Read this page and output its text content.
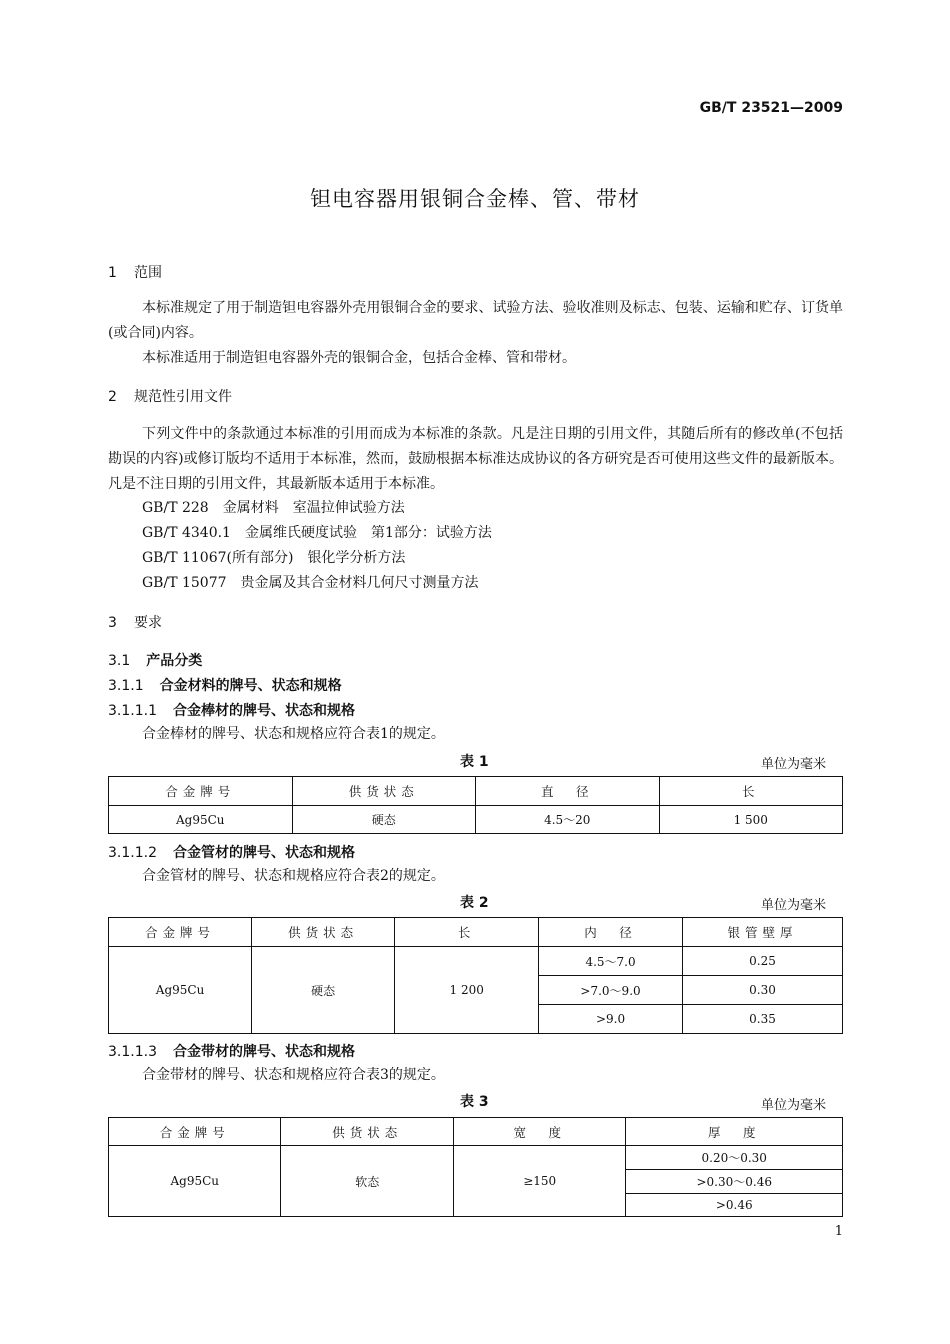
GB/T 23521—2009
钽电容器用银铜合金棒、管、带材
1 范围
本标准规定了用于制造钽电容器外壳用银铜合金的要求、试验方法、验收准则及标志、包装、运输和贮存、订货单(或合同)内容。
本标准适用于制造钽电容器外壳的银铜合金，包括合金棒、管和带材。
2 规范性引用文件
下列文件中的条款通过本标准的引用而成为本标准的条款。凡是注日期的引用文件，其随后所有的修改单(不包括勘误的内容)或修订版均不适用于本标准，然而，鼓励根据本标准达成协议的各方研究是否可使用这些文件的最新版本。凡是不注日期的引用文件，其最新版本适用于本标准。
GB/T 228 金属材料　室温拉伸试验方法
GB/T 4340.1 金属维氏硬度试验　第1部分：试验方法
GB/T 11067(所有部分) 银化学分析方法
GB/T 15077 贵金属及其合金材料几何尺寸测量方法
3 要求
3.1 产品分类
3.1.1 合金材料的牌号、状态和规格
3.1.1.1 合金棒材的牌号、状态和规格
合金棒材的牌号、状态和规格应符合表1的规定。
表 1	单位为毫米
合金牌号	供货状态	直　径	长
Ag95Cu	硬态	4.5～20	1 500
3.1.1.2 合金管材的牌号、状态和规格
合金管材的牌号、状态和规格应符合表2的规定。
表 2	单位为毫米
合金牌号	供货状态	长	内　径	银管壁厚
Ag95Cu	硬态	1 200	4.5～7.0	0.25
			>7.0～9.0	0.30
			>9.0	0.35
3.1.1.3 合金带材的牌号、状态和规格
合金带材的牌号、状态和规格应符合表3的规定。
表 3	单位为毫米
合金牌号	供货状态	宽　度	厚　度
Ag95Cu	软态	≥150	0.20～0.30
			>0.30～0.46
			>0.46
1
